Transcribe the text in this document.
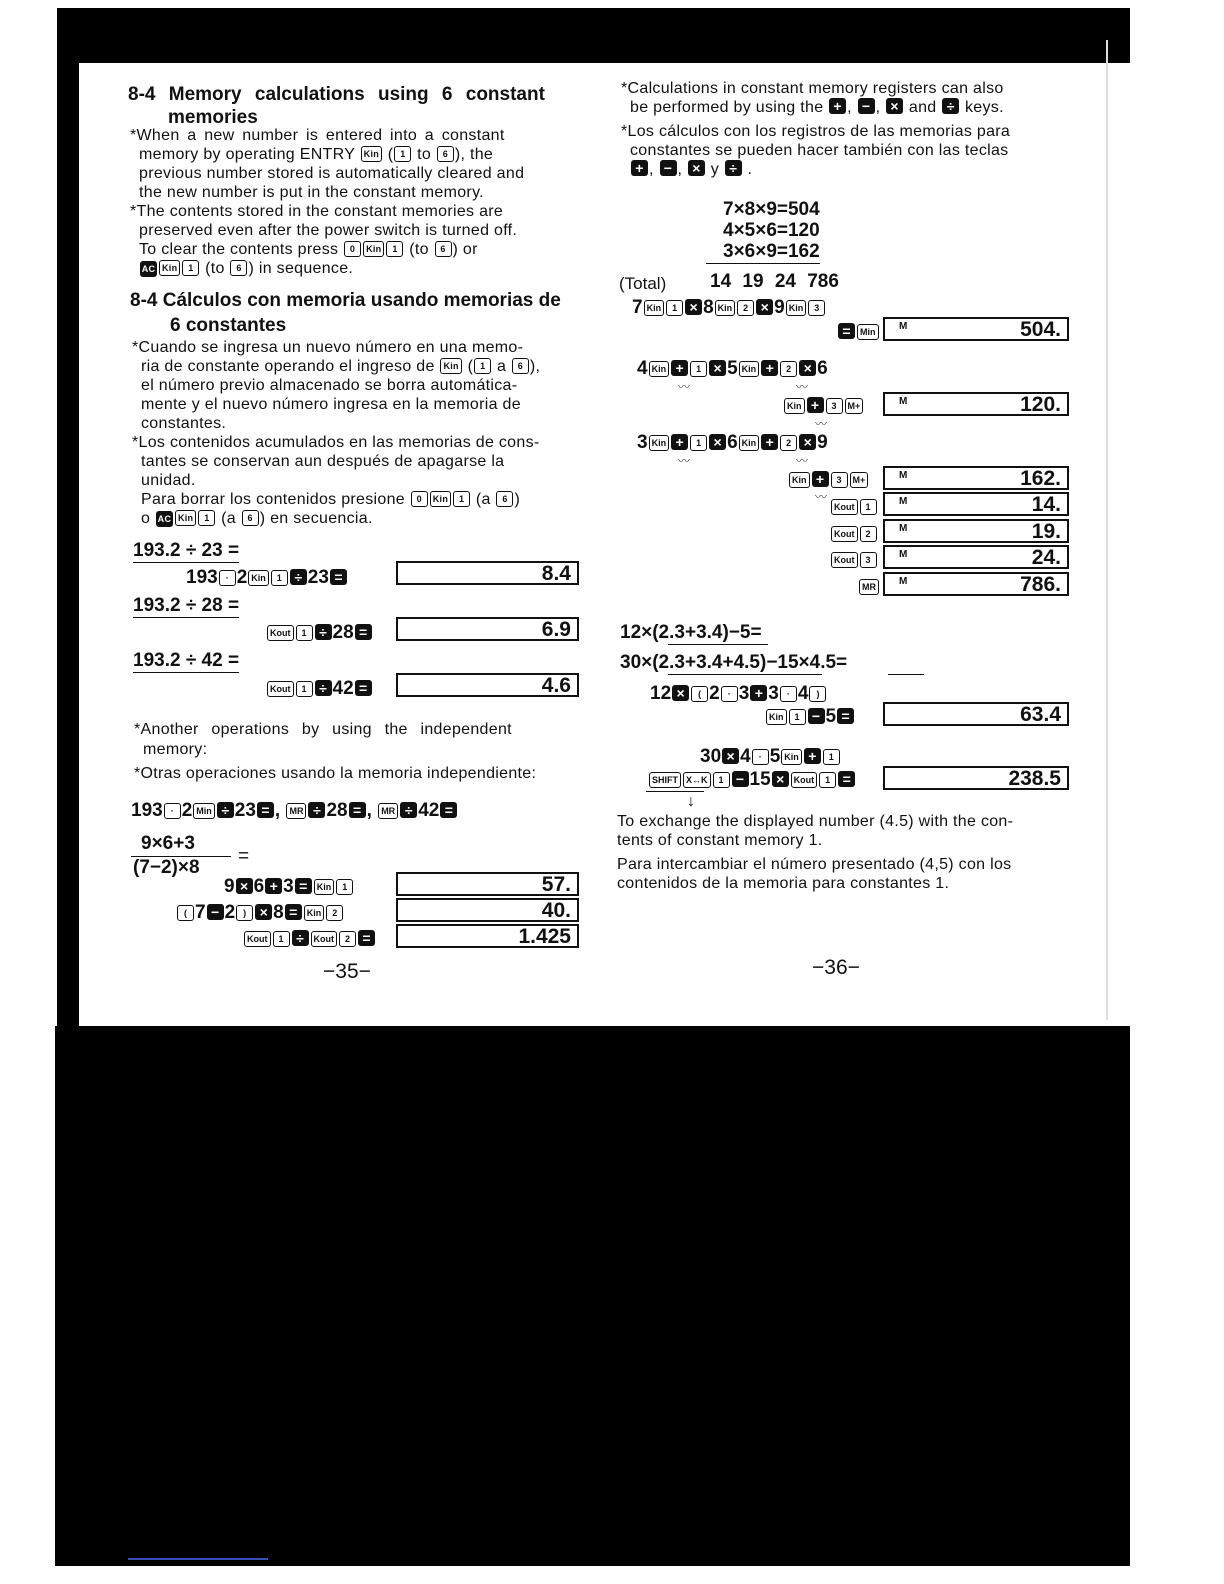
8-4 Memory calculations using 6 constant
memories
*When a new number is entered into a constant
memory by operating ENTRY Kin ( 1 to 6 ), the
previous number stored is automatically cleared and
the new number is put in the constant memory.
*The contents stored in the constant memories are
preserved even after the power switch is turned off.
To clear the contents press 0 Kin 1 (to 6 ) or
AC Kin 1 (to 6 ) in sequence.
8-4 Cálculos con memoria usando memorias de
6 constantes
*Cuando se ingresa un nuevo número en una memo-
ria de constante operando el ingreso de Kin ( 1 a 6 ),
el número previo almacenado se borra automática-
mente y el nuevo número ingresa en la memoria de
constantes.
*Los contenidos acumulados en las memorias de cons-
tantes se conservan aun después de apagarse la
unidad.
Para borrar los contenidos presione 0 Kin 1 (a 6 )
o AC Kin 1 (a 6 ) en secuencia.
193.2 ÷ 23 =
193 · 2 Kin 1 ÷ 23 =	8.4
193.2 ÷ 28 =
Kout 1 ÷ 28 =	6.9
193.2 ÷ 42 =
Kout 1 ÷ 42 =	4.6
*Another operations by using the independent
memory:
*Otras operaciones usando la memoria independiente:
193 · 2 Min ÷ 23 = , MR ÷ 28 = , MR ÷ 42 =
9×6+3
(7−2)×8
=
9 × 6 + 3 = Kin 1	57.
( 7 − 2 ) × 8 = Kin 2	40.
Kout 1 ÷ Kout 2 =	1.425
−35−
*Calculations in constant memory registers can also
be performed by using the + , − , × and ÷ keys.
*Los cálculos con los registros de las memorias para
constantes se pueden hacer también con las teclas
+ , − , × y ÷ .
7×8×9=504
4×5×6=120
3×6×9=162
(Total) 14 19 24 786
7 Kin 1 × 8 Kin 2 × 9 Kin 3
= Min	M	504.
4 Kin + 1 × 5 Kin + 2 × 6
〰	〰
Kin + 3 M+
〰
M	120.
3 Kin + 1 × 6 Kin + 2 × 9
〰	〰
Kin + 3 M+
〰
M	162.
Kout 1	M	14.
Kout 2	M	19.
Kout 3	M	24.
MR	M	786.
12×(2.3+3.4)−5=
30×(2.3+3.4+4.5)−15×4.5=
12 × ( 2 · 3 + 3 · 4 )
Kin 1 − 5 =	63.4
30 × 4 · 5 Kin + 1
SHIFT X↔K 1 − 15 × Kout 1 =	238.5
↓
To exchange the displayed number (4.5) with the con-
tents of constant memory 1.
Para intercambiar el número presentado (4,5) con los
contenidos de la memoria para constantes 1.
−36−
